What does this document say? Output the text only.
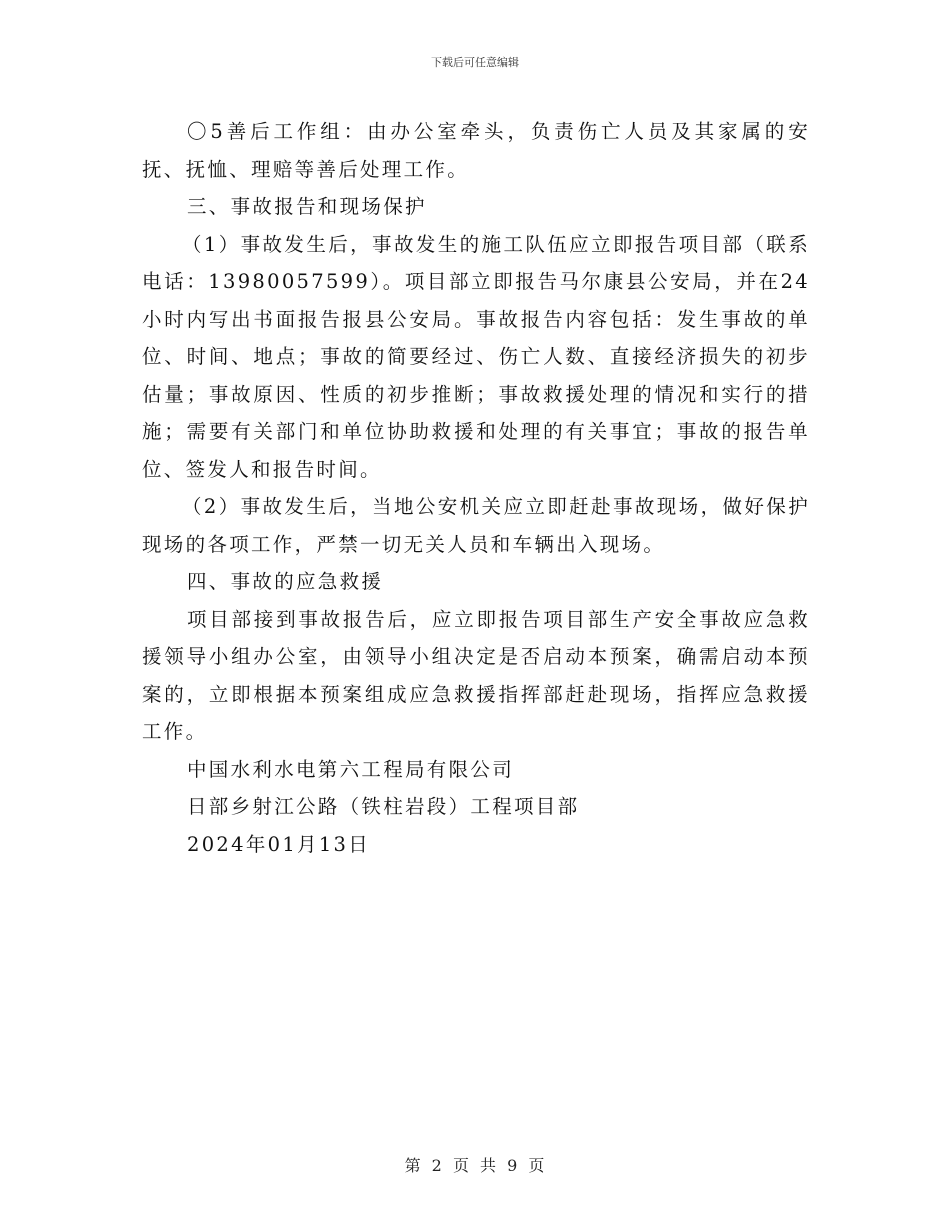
下载后可任意编辑

〇5善后工作组：由办公室牵头，负责伤亡人员及其家属的安抚、抚恤、理赔等善后处理工作。

三、事故报告和现场保护

（1）事故发生后，事故发生的施工队伍应立即报告项目部（联系电话：13980057599）。项目部立即报告马尔康县公安局，并在24小时内写出书面报告报县公安局。事故报告内容包括：发生事故的单位、时间、地点；事故的简要经过、伤亡人数、直接经济损失的初步估量；事故原因、性质的初步推断；事故救援处理的情况和实行的措施；需要有关部门和单位协助救援和处理的有关事宜；事故的报告单位、签发人和报告时间。

（2）事故发生后，当地公安机关应立即赶赴事故现场，做好保护现场的各项工作，严禁一切无关人员和车辆出入现场。

四、事故的应急救援

项目部接到事故报告后，应立即报告项目部生产安全事故应急救援领导小组办公室，由领导小组决定是否启动本预案，确需启动本预案的，立即根据本预案组成应急救援指挥部赶赴现场，指挥应急救援工作。

中国水利水电第六工程局有限公司

日部乡射江公路（铁柱岩段）工程项目部

2024年01月13日

第 2 页 共 9 页
